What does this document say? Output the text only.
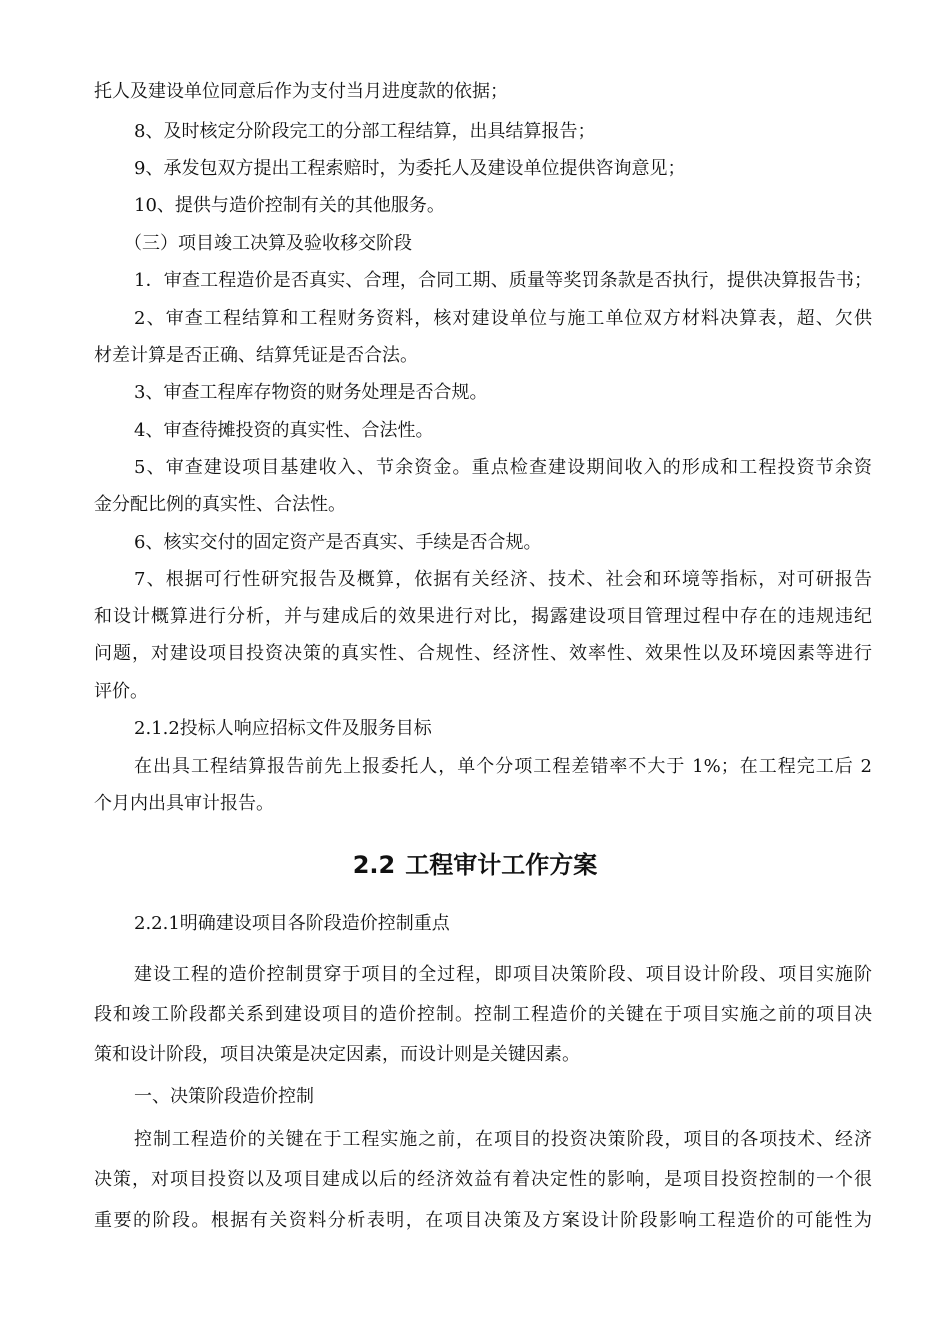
托人及建设单位同意后作为支付当月进度款的依据；
8、及时核定分阶段完工的分部工程结算，出具结算报告；
9、承发包双方提出工程索赔时，为委托人及建设单位提供咨询意见；
10、提供与造价控制有关的其他服务。
（三）项目竣工决算及验收移交阶段
1．审查工程造价是否真实、合理，合同工期、质量等奖罚条款是否执行，提供决算报告书；
2、审查工程结算和工程财务资料，核对建设单位与施工单位双方材料决算表，超、欠供
材差计算是否正确、结算凭证是否合法。
3、审查工程库存物资的财务处理是否合规。
4、审查待摊投资的真实性、合法性。
5、审查建设项目基建收入、节余资金。重点检查建设期间收入的形成和工程投资节余资
金分配比例的真实性、合法性。
6、核实交付的固定资产是否真实、手续是否合规。
7、根据可行性研究报告及概算，依据有关经济、技术、社会和环境等指标，对可研报告
和设计概算进行分析，并与建成后的效果进行对比，揭露建设项目管理过程中存在的违规违纪
问题，对建设项目投资决策的真实性、合规性、经济性、效率性、效果性以及环境因素等进行
评价。
2.1.2投标人响应招标文件及服务目标
在出具工程结算报告前先上报委托人，单个分项工程差错率不大于 1%；在工程完工后 2
个月内出具审计报告。
2.2 工程审计工作方案
2.2.1明确建设项目各阶段造价控制重点
建设工程的造价控制贯穿于项目的全过程，即项目决策阶段、项目设计阶段、项目实施阶
段和竣工阶段都关系到建设项目的造价控制。控制工程造价的关键在于项目实施之前的项目决
策和设计阶段，项目决策是决定因素，而设计则是关键因素。
一、决策阶段造价控制
控制工程造价的关键在于工程实施之前，在项目的投资决策阶段，项目的各项技术、经济
决策，对项目投资以及项目建成以后的经济效益有着决定性的影响，是项目投资控制的一个很
重要的阶段。根据有关资料分析表明，在项目决策及方案设计阶段影响工程造价的可能性为
